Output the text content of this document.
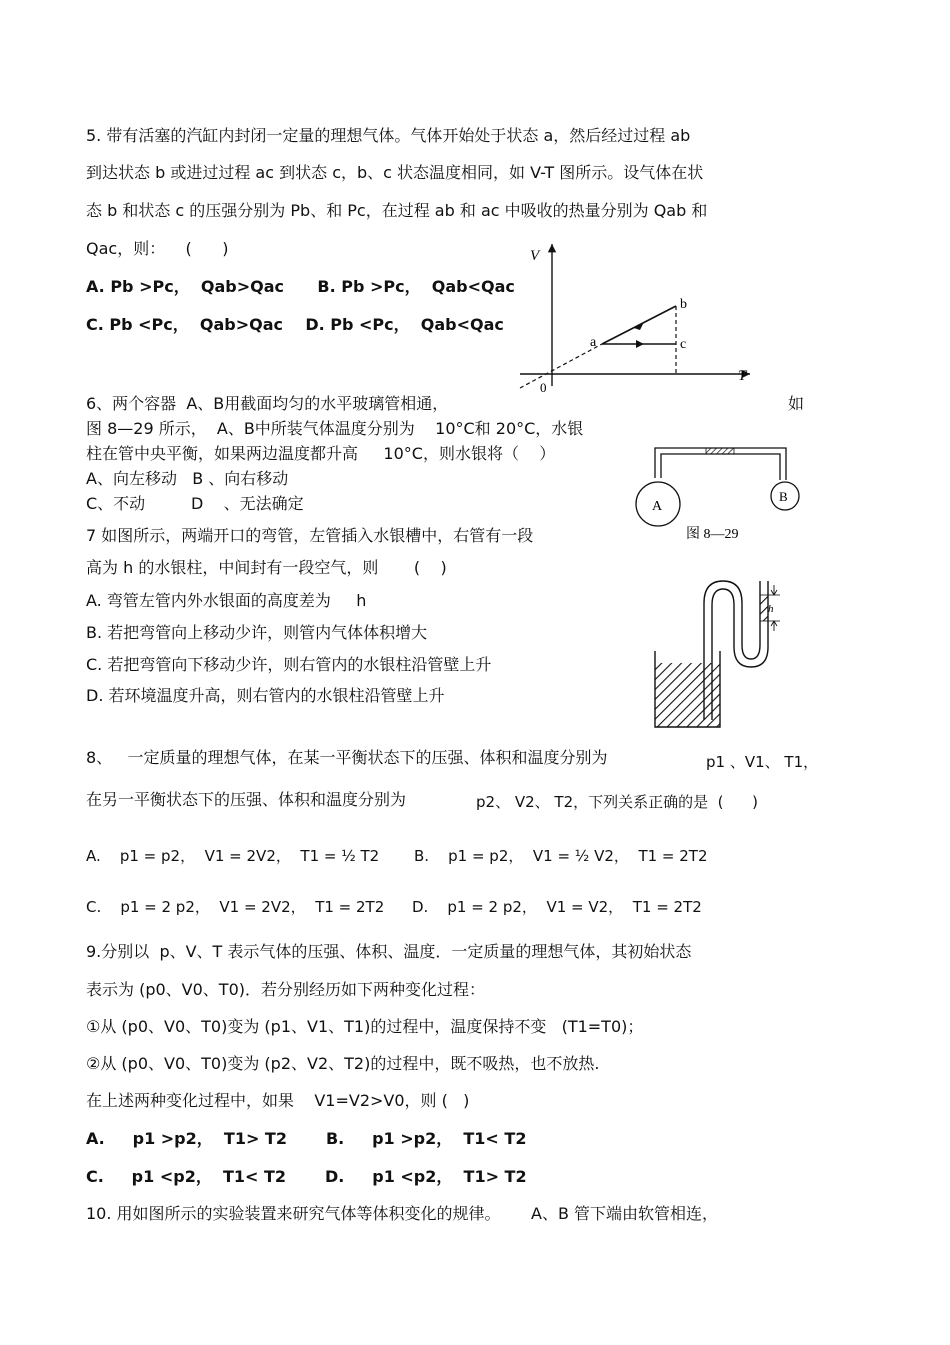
5. 带有活塞的汽缸内封闭一定量的理想气体。气体开始处于状态 a，然后经过过程 ab
到达状态 b 或进过过程 ac 到状态 c，b、c 状态温度相同，如 V-T 图所示。设气体在状
态 b 和状态 c 的压强分别为 Pb、和 Pc，在过程 ab 和 ac 中吸收的热量分别为 Qab 和
Qac，则：    (      )
A. Pb >Pc，  Qab>Qac      B. Pb >Pc，  Qab<Qac
C. Pb <Pc，  Qab>Qac    D. Pb <Pc，  Qab<Qac
6、两个容器  A、B用截面均匀的水平玻璃管相通，	如
图 8—29 所示，  A、B中所装气体温度分别为    10°C和 20°C，水银
柱在管中央平衡，如果两边温度都升高     10°C，则水银将（    ）
A、向左移动   B 、向右移动
C、不动         D    、无法确定
7 如图所示，两端开口的弯管，左管插入水银槽中，右管有一段
高为 h 的水银柱，中间封有一段空气，则       (    )
A. 弯管左管内外水银面的高度差为     h
B. 若把弯管向上移动少许，则管内气体体积增大
C. 若把弯管向下移动少许，则右管内的水银柱沿管壁上升
D. 若环境温度升高，则右管内的水银柱沿管壁上升
8、   一定质量的理想气体，在某一平衡状态下的压强、体积和温度分别为	p1 、V1、 T1，
在另一平衡状态下的压强、体积和温度分别为	p2、 V2、 T2，下列关系正确的是  (      )
A.    p1 = p2，  V1 = 2V2，  T1 = ½ T2 B.    p1 = p2，  V1 = ½ V2，  T1 = 2T2
C.    p1 = 2 p2，  V1 = 2V2，  T1 = 2T2 D.    p1 = 2 p2，  V1 = V2，  T1 = 2T2
9.分别以  p、V、T 表示气体的压强、体积、温度．一定质量的理想气体，其初始状态
表示为 (p0、V0、T0)．若分别经历如下两种变化过程：
①从 (p0、V0、T0)变为 (p1、V1、T1)的过程中，温度保持不变   (T1=T0)；
②从 (p0、V0、T0)变为 (p2、V2、T2)的过程中，既不吸热，也不放热.
在上述两种变化过程中，如果    V1=V2>V0，则 (   )
A.     p1 >p2，  T1> T2       B.     p1 >p2，  T1< T2
C.     p1 <p2，  T1< T2       D.     p1 <p2，  T1> T2
10. 用如图所示的实验装置来研究气体等体积变化的规律。      A、B 管下端由软管相连，
V
T
0
a
b
c
A
B
图 8—29
h
